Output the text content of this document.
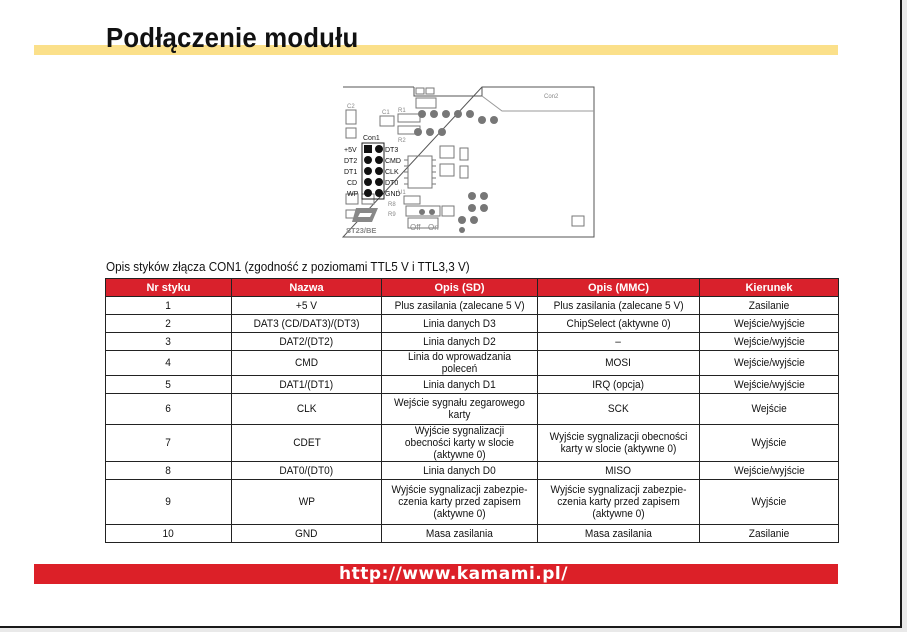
Podłączenie modułu
Con1
+5V
DT2
DT1
CD
WP
DT3
CMD
CLK
DT0
GND
Con2
C1
C2
R1
R2
U1
R8
R9
Off On
ST23/BE
Opis styków złącza CON1 (zgodność z poziomami TTL5 V i TTL3,3 V)
Nr styku	Nazwa	Opis (SD)	Opis (MMC)	Kierunek
1	+5 V	Plus zasilania (zalecane 5 V)	Plus zasilania (zalecane 5 V)	Zasilanie
2	DAT3 (CD/DAT3)/(DT3)	Linia danych D3	ChipSelect (aktywne 0)	Wejście/wyjście
3	DAT2/(DT2)	Linia danych D2	–	Wejście/wyjście
4	CMD	Linia do wprowadzania poleceń	MOSI	Wejście/wyjście
5	DAT1/(DT1)	Linia danych D1	IRQ (opcja)	Wejście/wyjście
6	CLK	Wejście sygnału zegarowego karty	SCK	Wejście
7	CDET	Wyjście sygnalizacji obecności karty w slocie (aktywne 0)	Wyjście sygnalizacji obecności karty w slocie (aktywne 0)	Wyjście
8	DAT0/(DT0)	Linia danych D0	MISO	Wejście/wyjście
9	WP	Wyjście sygnalizacji zabezpie-czenia karty przed zapisem (aktywne 0)	Wyjście sygnalizacji zabezpie-czenia karty przed zapisem (aktywne 0)	Wyjście
10	GND	Masa zasilania	Masa zasilania	Zasilanie
http://www.kamami.pl/
